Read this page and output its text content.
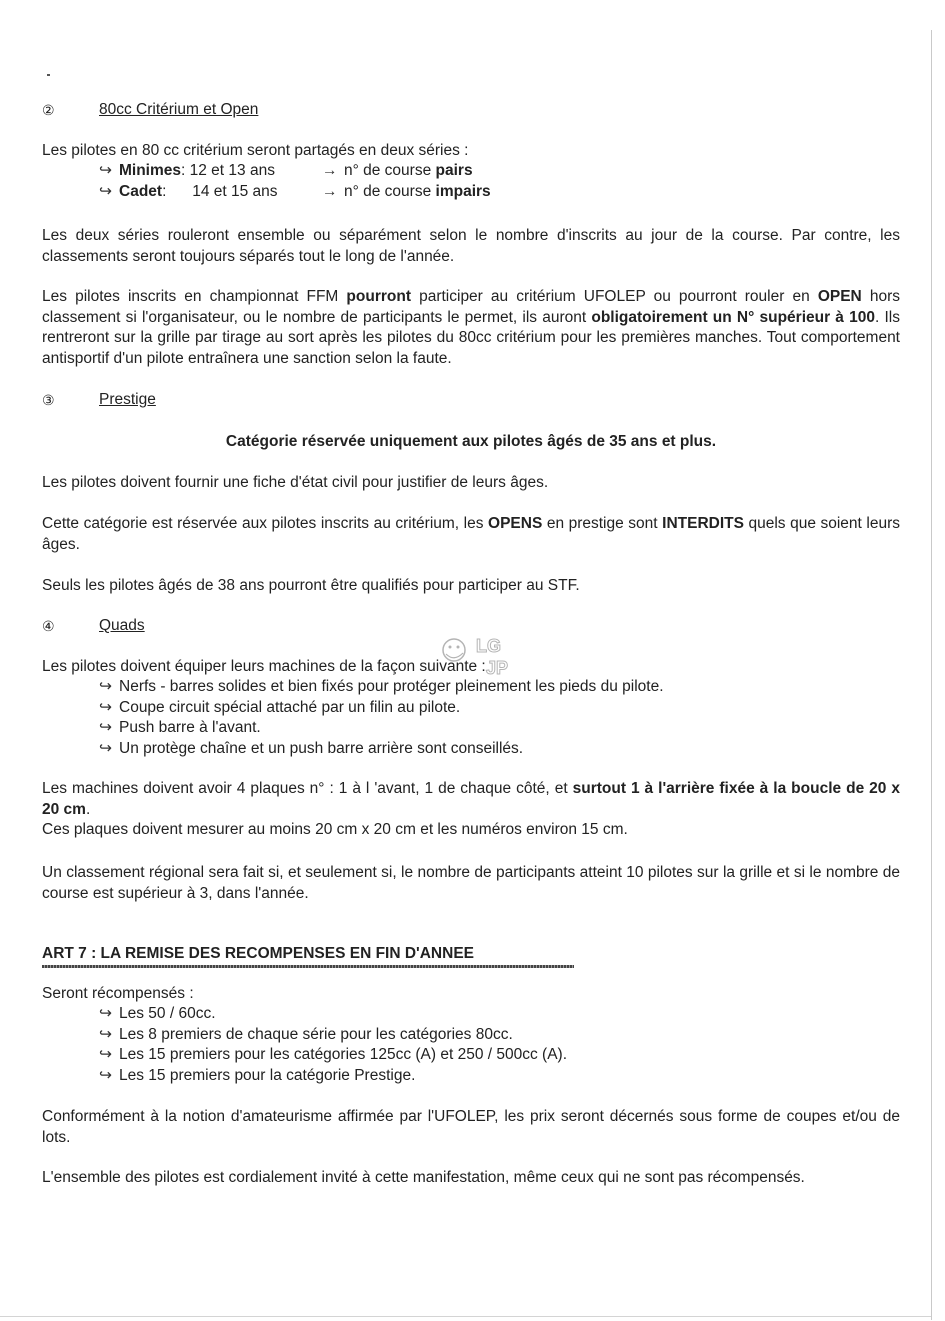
②	80cc Critérium et Open

Les pilotes en 80 cc critérium seront partagés en deux séries :

↪ Minimes: 12 et 13 ans	→ n° de course pairs
↪ Cadet:      14 et 15 ans	→ n° de course impairs

Les deux séries rouleront ensemble ou séparément selon le nombre d'inscrits au jour de la course. Par contre, les classements seront toujours séparés tout le long de l'année.

Les pilotes inscrits en championnat FFM pourront participer au critérium UFOLEP ou pourront rouler en OPEN hors classement si l'organisateur, ou le nombre de participants le permet, ils auront obligatoirement un N° supérieur à 100. Ils rentreront sur la grille par tirage au sort après les pilotes du 80cc critérium pour les premières manches. Tout comportement antisportif d'un pilote entraînera une sanction selon la faute.

③	Prestige
Catégorie réservée uniquement aux pilotes âgés de 35 ans et plus.

Les pilotes doivent fournir une fiche d'état civil pour justifier de leurs âges.

Cette catégorie est réservée aux pilotes inscrits au critérium, les OPENS en prestige sont INTERDITS quels que soient leurs âges.

Seuls les pilotes âgés de 38 ans pourront être qualifiés pour participer au STF.

④	Quads

Les pilotes doivent équiper leurs machines de la façon suivante :

↪ Nerfs - barres solides et bien fixés pour protéger pleinement les pieds du pilote.
↪ Coupe circuit spécial attaché par un filin au pilote.
↪ Push barre à l'avant.
↪ Un protège chaîne et un push barre arrière sont conseillés.
LG
JP

Les machines doivent avoir 4 plaques n° : 1 à l 'avant, 1 de chaque côté, et surtout 1 à l'arrière fixée à la boucle de 20 x 20 cm.

Ces plaques doivent mesurer au moins 20 cm x 20 cm et les numéros environ 15 cm.

Un classement régional sera fait si, et seulement si, le nombre de participants atteint 10 pilotes sur la grille et si le nombre de course est supérieur à 3, dans l'année.

ART 7 : LA REMISE DES RECOMPENSES EN FIN D'ANNEE

Seront récompensés :

↪ Les 50 / 60cc.
↪ Les 8 premiers de chaque série pour les catégories 80cc.
↪ Les 15 premiers pour les catégories 125cc (A) et 250 / 500cc (A).
↪ Les 15 premiers pour la catégorie Prestige.

Conformément à la notion d'amateurisme affirmée par l'UFOLEP, les prix seront décernés sous forme de coupes et/ou de lots.

L'ensemble des pilotes est cordialement invité à cette manifestation, même ceux qui ne sont pas récompensés.
